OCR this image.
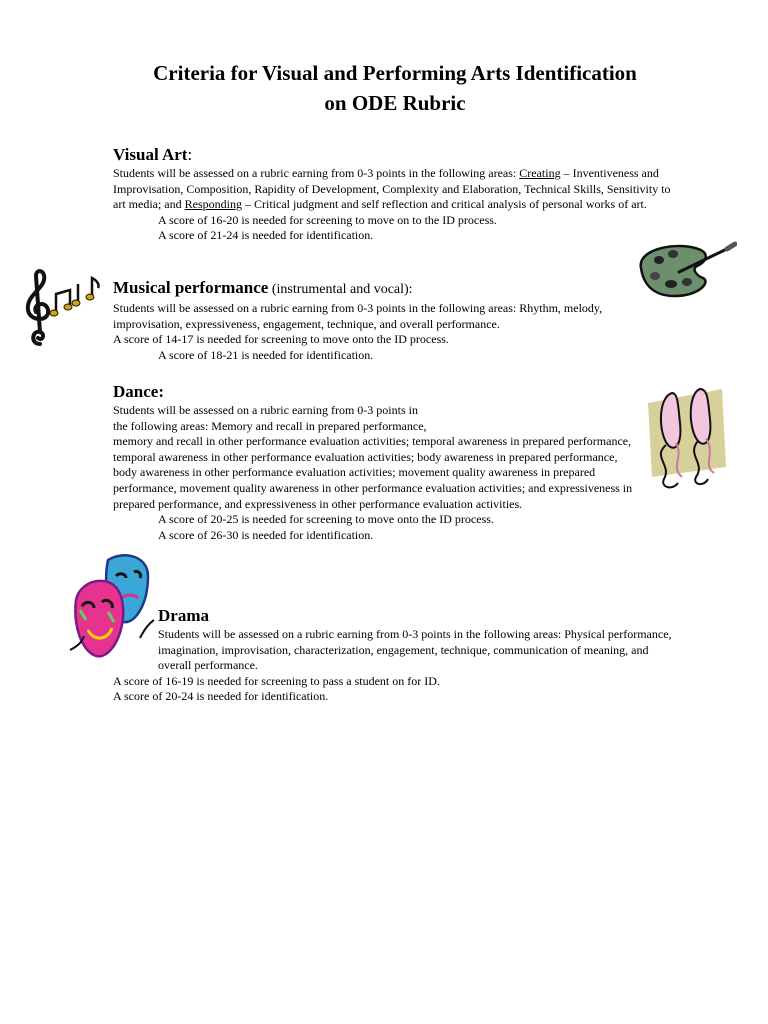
Criteria for Visual and Performing Arts Identification
on ODE Rubric
Visual Art:
Students will be assessed on a rubric earning from 0-3 points in the following areas: Creating – Inventiveness and Improvisation, Composition, Rapidity of Development, Complexity and Elaboration, Technical Skills, Sensitivity to art media; and Responding – Critical judgment and self reflection and critical analysis of personal works of art.
A score of 16-20 is needed for screening to move on to the ID process.
A score of 21-24 is needed for identification.
Musical performance (instrumental and vocal):
Students will be assessed on a rubric earning from 0-3 points in the following areas: Rhythm, melody, improvisation, expressiveness, engagement, technique, and overall performance.
A score of 14-17 is needed for screening to move onto the ID process.
A score of 18-21 is needed for identification.
Dance:
Students will be assessed on a rubric earning from 0-3 points in
the following areas: Memory and recall in prepared performance,
memory and recall in other performance evaluation activities; temporal awareness in prepared performance, temporal awareness in other performance evaluation activities; body awareness in prepared performance, body awareness in other performance evaluation activities; movement quality awareness in prepared performance, movement quality awareness in other performance evaluation activities; and expressiveness in prepared performance, and expressiveness in other performance evaluation activities.
A score of 20-25 is needed for screening to move onto the ID process.
A score of 26-30 is needed for identification.
Drama
Students will be assessed on a rubric earning from 0-3 points in the following areas: Physical performance, imagination, improvisation, characterization, engagement, technique, communication of meaning, and overall performance.
A score of 16-19 is needed for screening to pass a student on for ID.
A score of 20-24 is needed for identification.
